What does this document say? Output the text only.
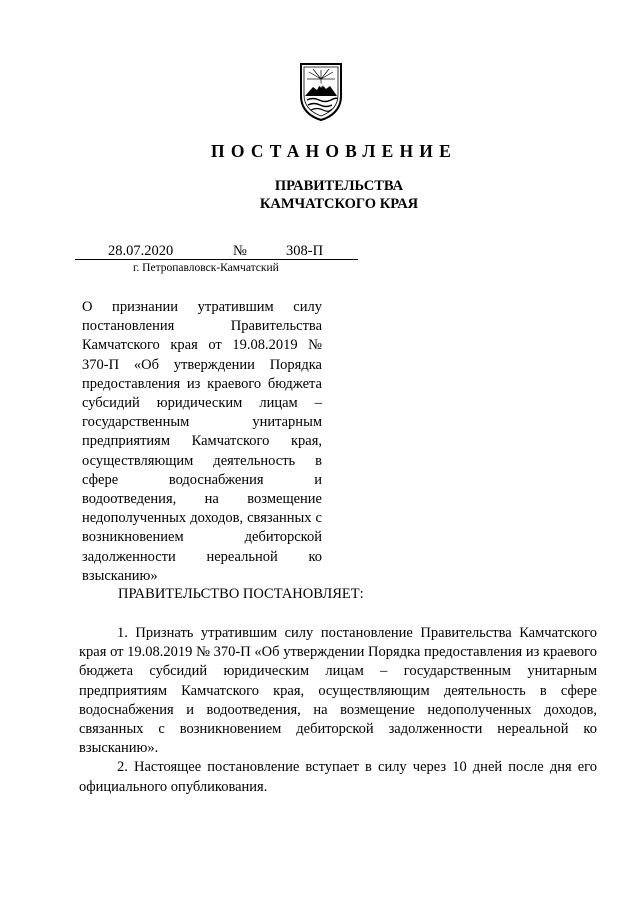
ПОСТАНОВЛЕНИЕ
ПРАВИТЕЛЬСТВА
КАМЧАТСКОГО КРАЯ
28.07.2020	№	308-П
г. Петропавловск-Камчатский
О признании утратившим силу постановления Правительства Камчатского края от 19.08.2019 № 370-П «Об утверждении Порядка предоставления из краевого бюджета субсидий юридическим лицам – государственным унитарным предприятиям Камчатского края, осуществляющим деятельность в сфере водоснабжения и водоотведения, на возмещение недополученных доходов, связанных с возникновением дебиторской задолженности нереальной ко взысканию»
ПРАВИТЕЛЬСТВО ПОСТАНОВЛЯЕТ:

1. Признать утратившим силу постановление Правительства Камчатского края от 19.08.2019 № 370-П «Об утверждении Порядка предоставления из краевого бюджета субсидий юридическим лицам – государственным унитарным предприятиям Камчатского края, осуществляющим деятельность в сфере водоснабжения и водоотведения, на возмещение недополученных доходов, связанных с возникновением дебиторской задолженности нереальной ко взысканию».

2. Настоящее постановление вступает в силу через 10 дней после дня его официального опубликования.
